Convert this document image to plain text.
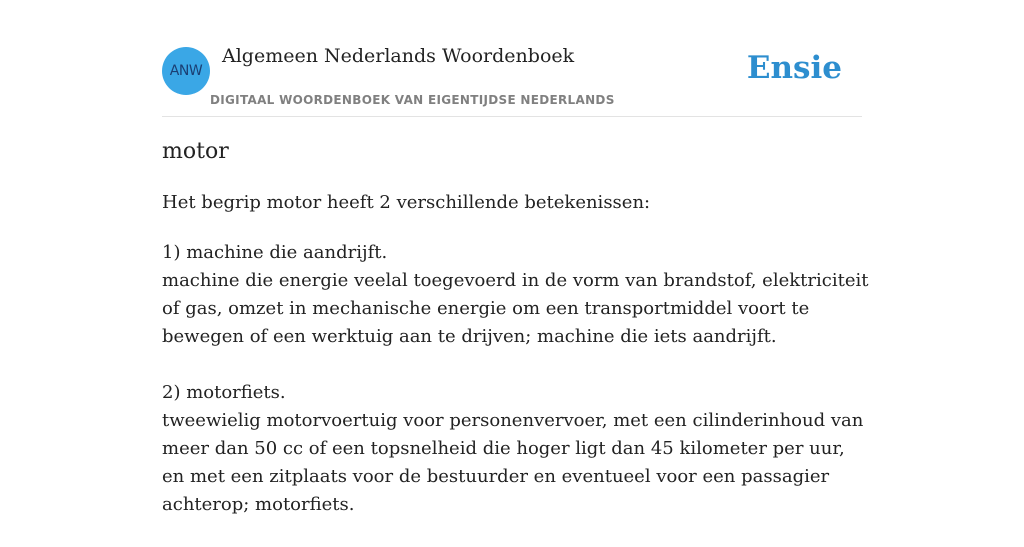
ANW
Algemeen Nederlands Woordenboek
DIGITAAL WOORDENBOEK VAN EIGENTIJDSE NEDERLANDS
Ensie
motor
Het begrip motor heeft 2 verschillende betekenissen:

1) machine die aandrijft.

machine die energie veelal toegevoerd in de vorm van brandstof, elektriciteit of gas, omzet in mechanische energie om een transportmiddel voort te bewegen of een werktuig aan te drijven; machine die iets aandrijft.

2) motorfiets.

tweewielig motorvoertuig voor personenvervoer, met een cilinderinhoud van meer dan 50 cc of een topsnelheid die hoger ligt dan 45 kilometer per uur, en met een zitplaats voor de bestuurder en eventueel voor een passagier achterop; motorfiets.
